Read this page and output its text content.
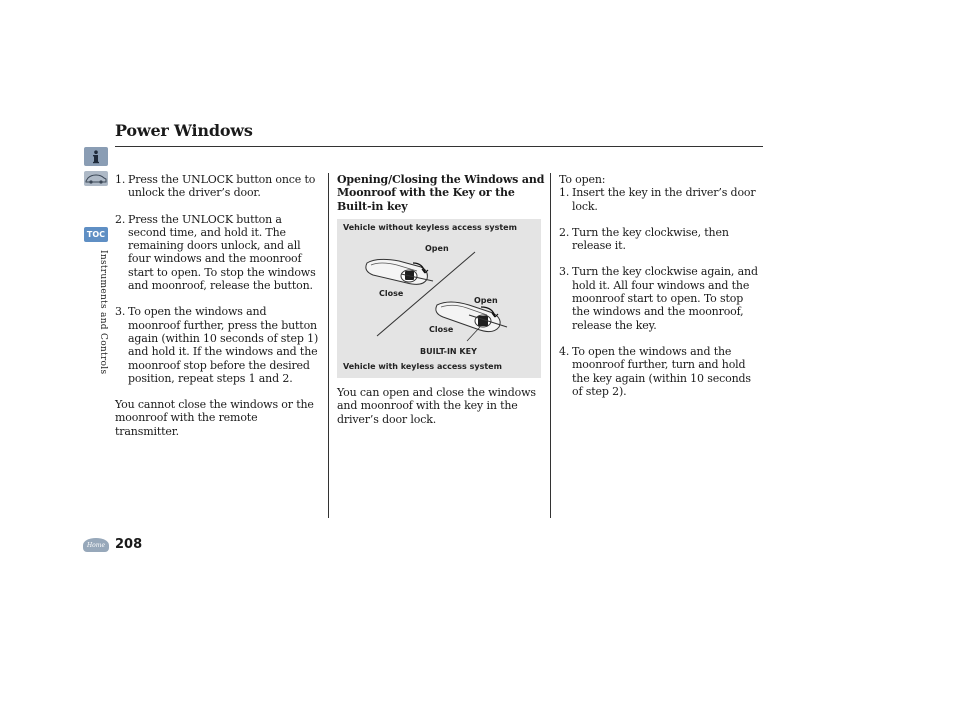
Power Windows
TOC
Instruments and Controls

1. Press the UNLOCK button once to unlock the driver’s door.

2. Press the UNLOCK button a second time, and hold it. The remaining doors unlock, and all four windows and the moonroof start to open. To stop the windows and moonroof, release the button.

3. To open the windows and moonroof further, press the button again (within 10 seconds of step 1) and hold it. If the windows and the moonroof stop before the desired position, repeat steps 1 and 2.

You cannot close the windows or the moonroof with the remote transmitter.

Opening/Closing the Windows and Moonroof with the Key or the Built-in key

Vehicle without keyless access system
Open
Close
Open
Close
BUILT-IN KEY
Vehicle with keyless access system

You can open and close the windows and moonroof with the key in the driver’s door lock.

To open:

1. Insert the key in the driver’s door lock.

2. Turn the key clockwise, then release it.

3. Turn the key clockwise again, and hold it. All four windows and the moonroof start to open. To stop the windows and the moonroof, release the key.

4. To open the windows and the moonroof further, turn and hold the key again (within 10 seconds of step 2).

Home 208
